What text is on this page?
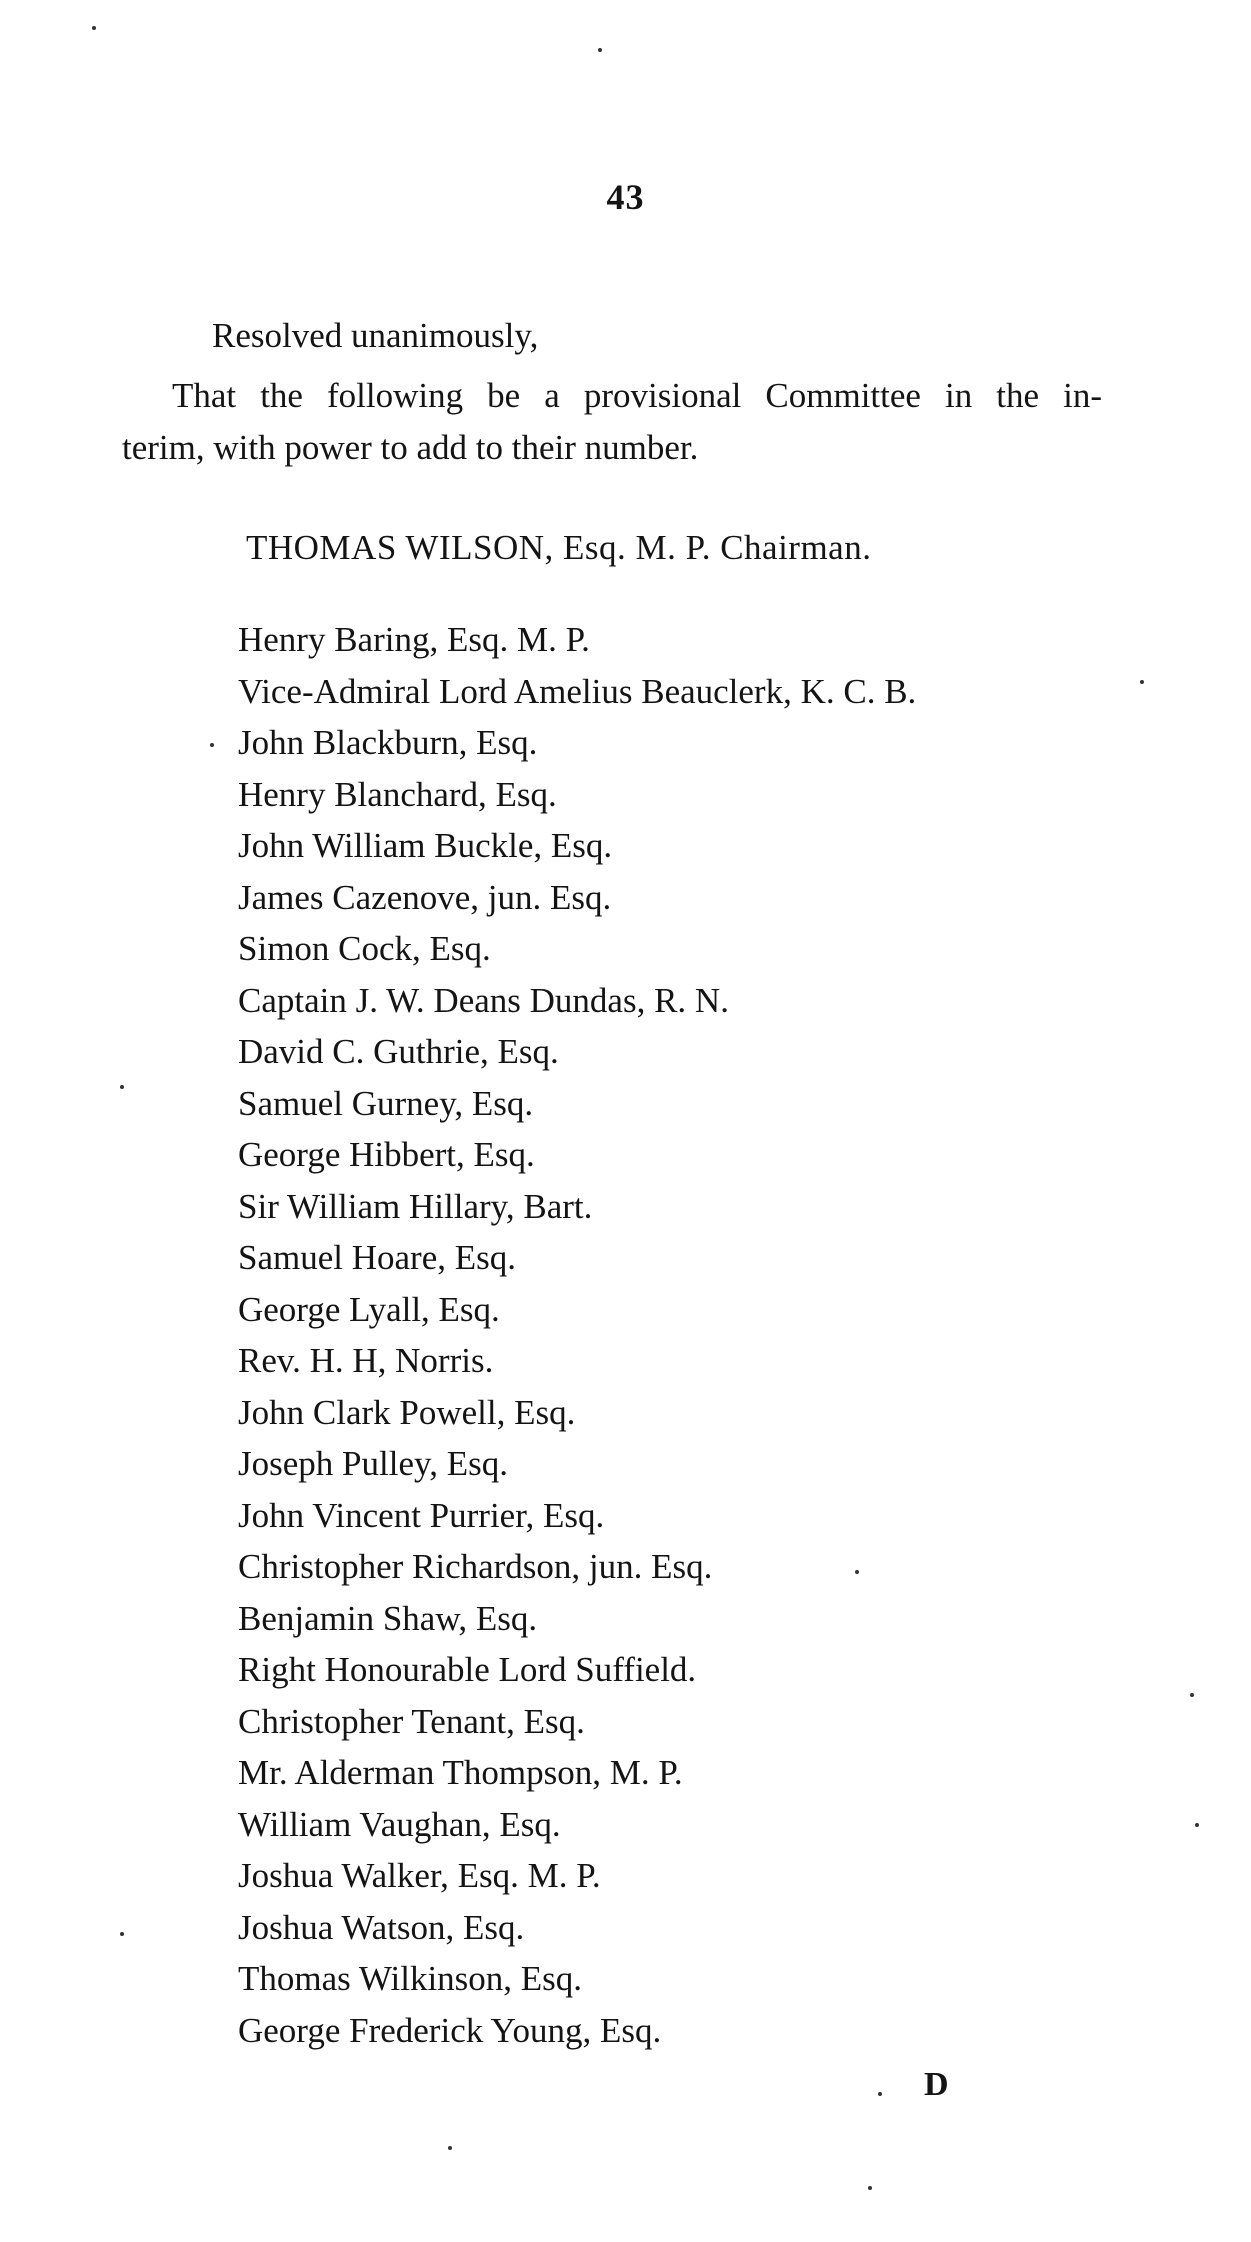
43
Resolved unanimously,
That the following be a provisional Committee in the in-
terim, with power to add to their number.
THOMAS WILSON, Esq. M. P. Chairman.
Henry Baring, Esq. M. P.
Vice-Admiral Lord Amelius Beauclerk, K. C. B.
John Blackburn, Esq.
Henry Blanchard, Esq.
John William Buckle, Esq.
James Cazenove, jun. Esq.
Simon Cock, Esq.
Captain J. W. Deans Dundas, R. N.
David C. Guthrie, Esq.
Samuel Gurney, Esq.
George Hibbert, Esq.
Sir William Hillary, Bart.
Samuel Hoare, Esq.
George Lyall, Esq.
Rev. H. H, Norris.
John Clark Powell, Esq.
Joseph Pulley, Esq.
John Vincent Purrier, Esq.
Christopher Richardson, jun. Esq.
Benjamin Shaw, Esq.
Right Honourable Lord Suffield.
Christopher Tenant, Esq.
Mr. Alderman Thompson, M. P.
William Vaughan, Esq.
Joshua Walker, Esq. M. P.
Joshua Watson, Esq.
Thomas Wilkinson, Esq.
George Frederick Young, Esq.
D
